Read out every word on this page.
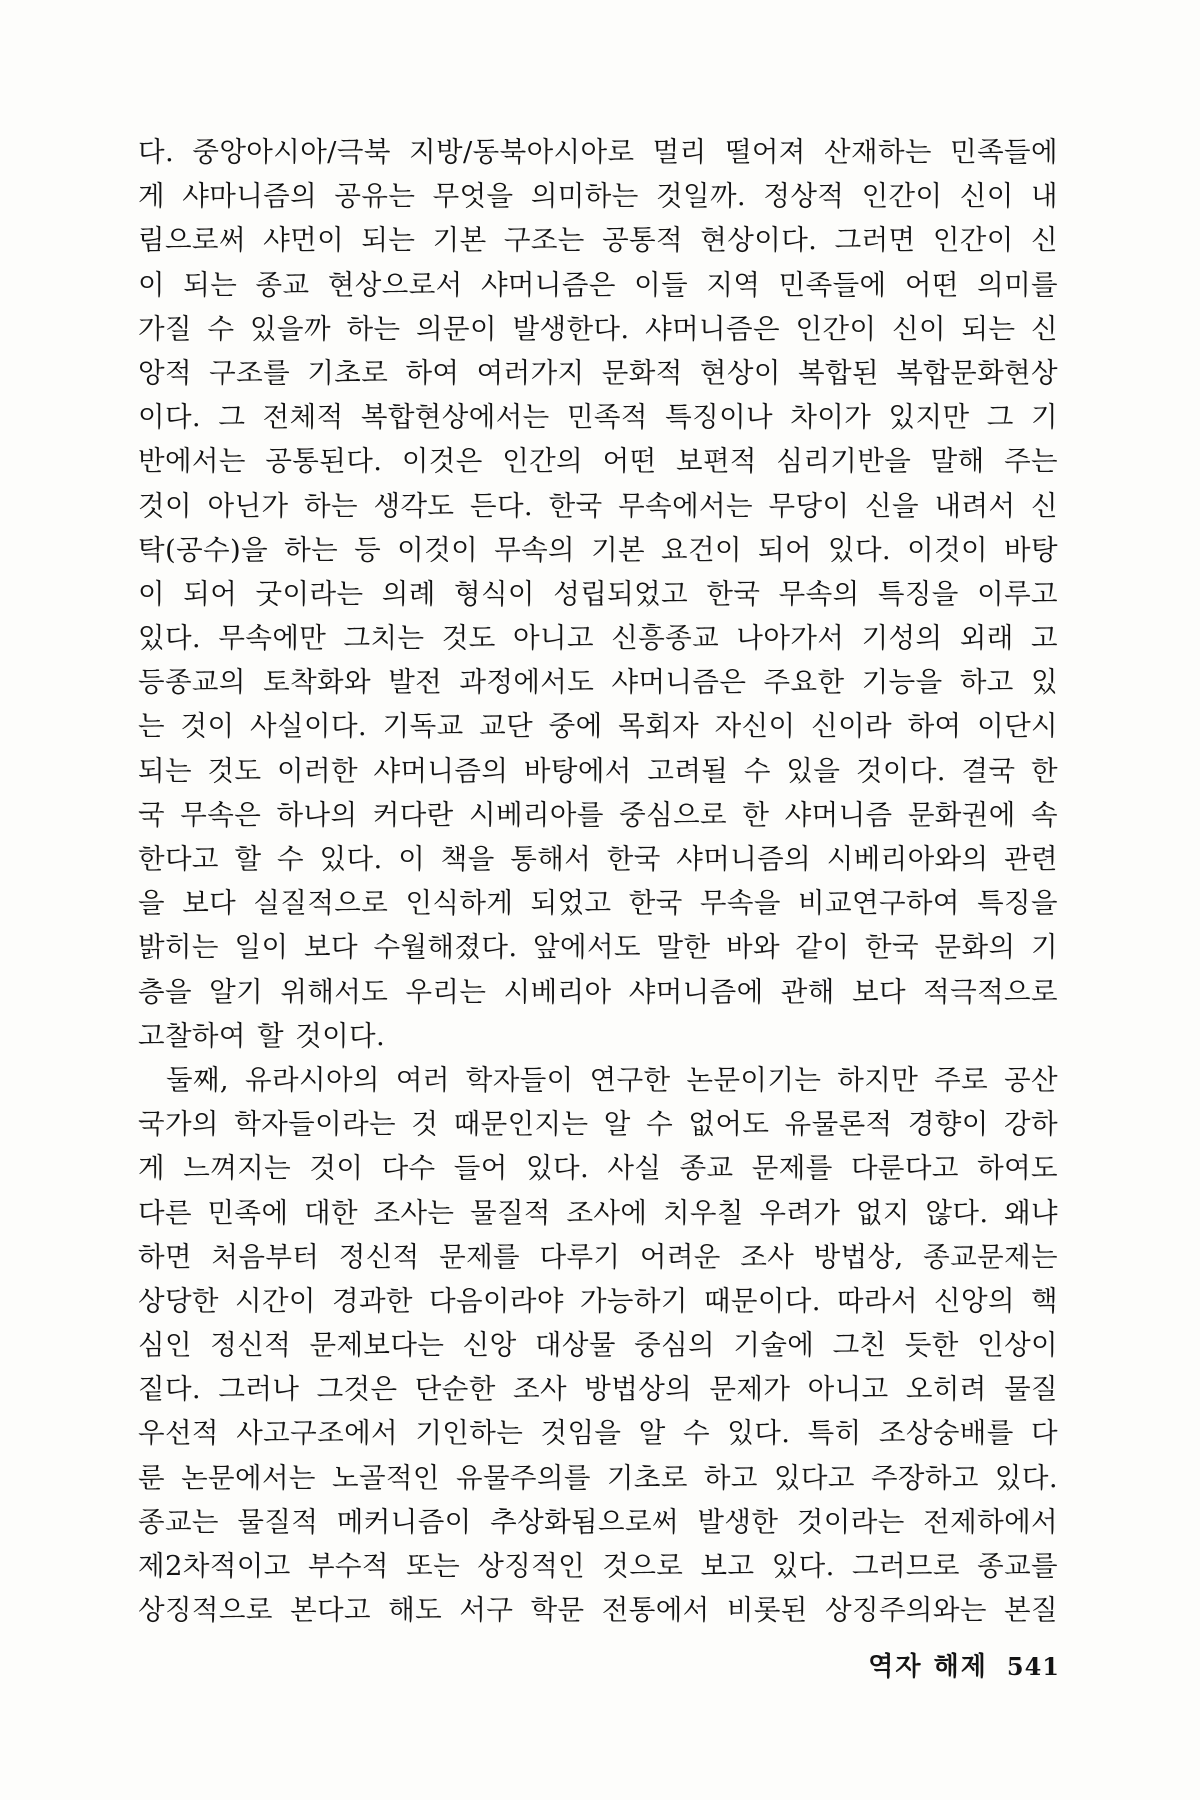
다. 중앙아시아/극북 지방/동북아시아로 멀리 떨어져 산재하는 민족들에
게 샤마니즘의 공유는 무엇을 의미하는 것일까. 정상적 인간이 신이 내
림으로써 샤먼이 되는 기본 구조는 공통적 현상이다. 그러면 인간이 신
이 되는 종교 현상으로서 샤머니즘은 이들 지역 민족들에 어떤 의미를
가질 수 있을까 하는 의문이 발생한다. 샤머니즘은 인간이 신이 되는 신
앙적 구조를 기초로 하여 여러가지 문화적 현상이 복합된 복합문화현상
이다. 그 전체적 복합현상에서는 민족적 특징이나 차이가 있지만 그 기
반에서는 공통된다. 이것은 인간의 어떤 보편적 심리기반을 말해 주는
것이 아닌가 하는 생각도 든다. 한국 무속에서는 무당이 신을 내려서 신
탁(공수)을 하는 등 이것이 무속의 기본 요건이 되어 있다. 이것이 바탕
이 되어 굿이라는 의례 형식이 성립되었고 한국 무속의 특징을 이루고
있다. 무속에만 그치는 것도 아니고 신흥종교 나아가서 기성의 외래 고
등종교의 토착화와 발전 과정에서도 샤머니즘은 주요한 기능을 하고 있
는 것이 사실이다. 기독교 교단 중에 목회자 자신이 신이라 하여 이단시
되는 것도 이러한 샤머니즘의 바탕에서 고려될 수 있을 것이다. 결국 한
국 무속은 하나의 커다란 시베리아를 중심으로 한 샤머니즘 문화권에 속
한다고 할 수 있다. 이 책을 통해서 한국 샤머니즘의 시베리아와의 관련
을 보다 실질적으로 인식하게 되었고 한국 무속을 비교연구하여 특징을
밝히는 일이 보다 수월해졌다. 앞에서도 말한 바와 같이 한국 문화의 기
층을 알기 위해서도 우리는 시베리아 샤머니즘에 관해 보다 적극적으로
고찰하여 할 것이다.
둘째, 유라시아의 여러 학자들이 연구한 논문이기는 하지만 주로 공산
국가의 학자들이라는 것 때문인지는 알 수 없어도 유물론적 경향이 강하
게 느껴지는 것이 다수 들어 있다. 사실 종교 문제를 다룬다고 하여도
다른 민족에 대한 조사는 물질적 조사에 치우칠 우려가 없지 않다. 왜냐
하면 처음부터 정신적 문제를 다루기 어려운 조사 방법상, 종교문제는
상당한 시간이 경과한 다음이라야 가능하기 때문이다. 따라서 신앙의 핵
심인 정신적 문제보다는 신앙 대상물 중심의 기술에 그친 듯한 인상이
짙다. 그러나 그것은 단순한 조사 방법상의 문제가 아니고 오히려 물질
우선적 사고구조에서 기인하는 것임을 알 수 있다. 특히 조상숭배를 다
룬 논문에서는 노골적인 유물주의를 기초로 하고 있다고 주장하고 있다.
종교는 물질적 메커니즘이 추상화됨으로써 발생한 것이라는 전제하에서
제2차적이고 부수적 또는 상징적인 것으로 보고 있다. 그러므로 종교를
상징적으로 본다고 해도 서구 학문 전통에서 비롯된 상징주의와는 본질
역자 해제 541
